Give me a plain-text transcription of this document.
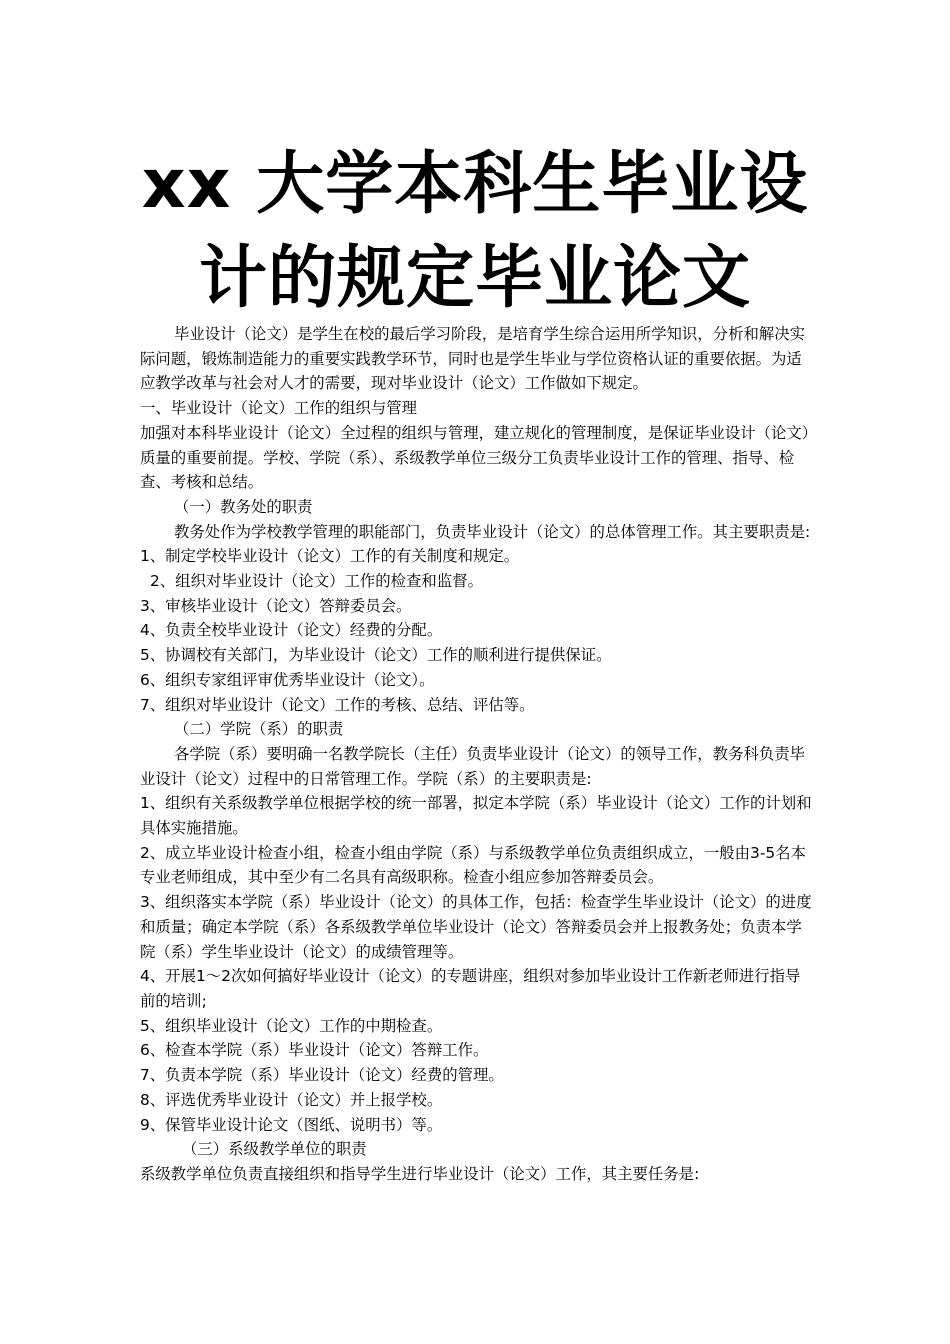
xx 大学本科生毕业设
计的规定毕业论文

毕业设计（论文）是学生在校的最后学习阶段，是培育学生综合运用所学知识，分析和解决实际问题，锻炼制造能力的重要实践教学环节，同时也是学生毕业与学位资格认证的重要依据。为适应教学改革与社会对人才的需要，现对毕业设计（论文）工作做如下规定。

一、毕业设计（论文）工作的组织与管理

加强对本科毕业设计（论文）全过程的组织与管理，建立规化的管理制度，是保证毕业设计（论文）质量的重要前提。学校、学院（系）、系级教学单位三级分工负责毕业设计工作的管理、指导、检查、考核和总结。

（一）教务处的职责

教务处作为学校教学管理的职能部门，负责毕业设计（论文）的总体管理工作。其主要职责是:

1、制定学校毕业设计（论文）工作的有关制度和规定。

2、组织对毕业设计（论文）工作的检查和监督。

3、审核毕业设计（论文）答辩委员会。

4、负责全校毕业设计（论文）经费的分配。

5、协调校有关部门，为毕业设计（论文）工作的顺利进行提供保证。

6、组织专家组评审优秀毕业设计（论文）。

7、组织对毕业设计（论文）工作的考核、总结、评估等。

（二）学院（系）的职责

各学院（系）要明确一名教学院长（主任）负责毕业设计（论文）的领导工作，教务科负责毕业设计（论文）过程中的日常管理工作。学院（系）的主要职责是:

1、组织有关系级教学单位根据学校的统一部署，拟定本学院（系）毕业设计（论文）工作的计划和具体实施措施。

2、成立毕业设计检查小组，检查小组由学院（系）与系级教学单位负责组织成立，一般由3-5名本专业老师组成，其中至少有二名具有高级职称。检查小组应参加答辩委员会。

3、组织落实本学院（系）毕业设计（论文）的具体工作，包括：检查学生毕业设计（论文）的进度和质量；确定本学院（系）各系级教学单位毕业设计（论文）答辩委员会并上报教务处；负责本学院（系）学生毕业设计（论文）的成绩管理等。

4、开展1～2次如何搞好毕业设计（论文）的专题讲座，组织对参加毕业设计工作新老师进行指导前的培训;

5、组织毕业设计（论文）工作的中期检查。

6、检查本学院（系）毕业设计（论文）答辩工作。

7、负责本学院（系）毕业设计（论文）经费的管理。

8、评选优秀毕业设计（论文）并上报学校。

9、保管毕业设计论文（图纸、说明书）等。

（三）系级教学单位的职责

系级教学单位负责直接组织和指导学生进行毕业设计（论文）工作，其主要任务是:
